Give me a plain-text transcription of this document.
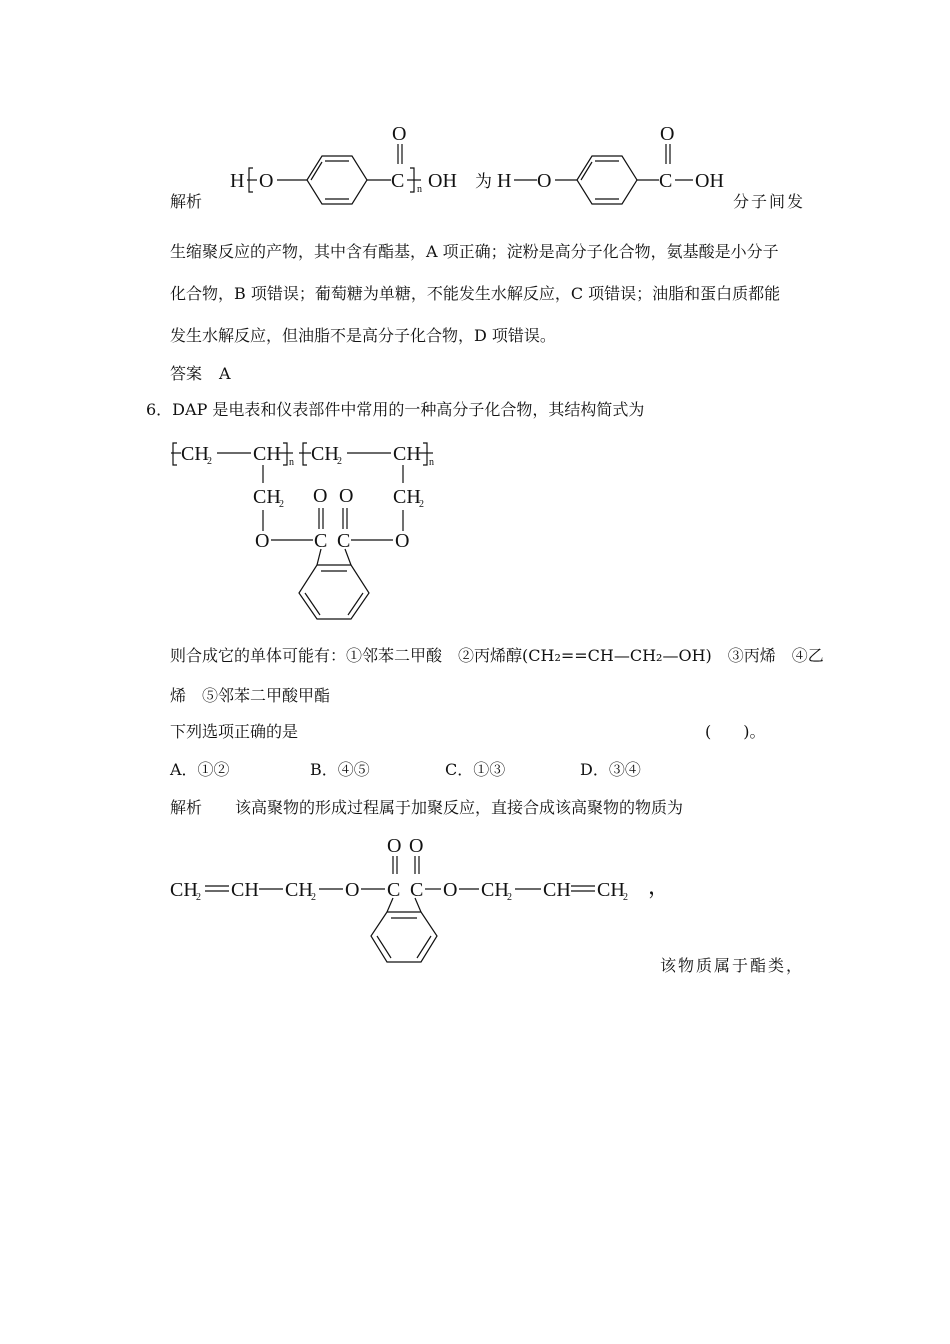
解析
H O	C
O
n OH 为 H O	C
O
OH
分子间发
生缩聚反应的产物，其中含有酯基，A 项正确；淀粉是高分子化合物，氨基酸是小分子
化合物，B 项错误；葡萄糖为单糖，不能发生水解反应，C 项错误；油脂和蛋白质都能
发生水解反应，但油脂不是高分子化合物，D 项错误。
答案 A
6．DAP 是电表和仪表部件中常用的一种高分子化合物，其结构简式为
CH
2 CH n CH
2	CH n
CH
2
O
CH
2
O
O
C
O
C
则合成它的单体可能有：①邻苯二甲酸　②丙烯醇(CH₂==CH—CH₂—OH)　③丙烯　④乙
烯　⑤邻苯二甲酸甲酯
下列选项正确的是	(　　)。
A．①②	B．④⑤	C．①③	D．③④
解析 该高聚物的形成过程属于加聚反应，直接合成该高聚物的物质为
CH
2 CH CH
2 O C C
O O
O CH
2 CH CH
2 ，
该物质属于酯类，
